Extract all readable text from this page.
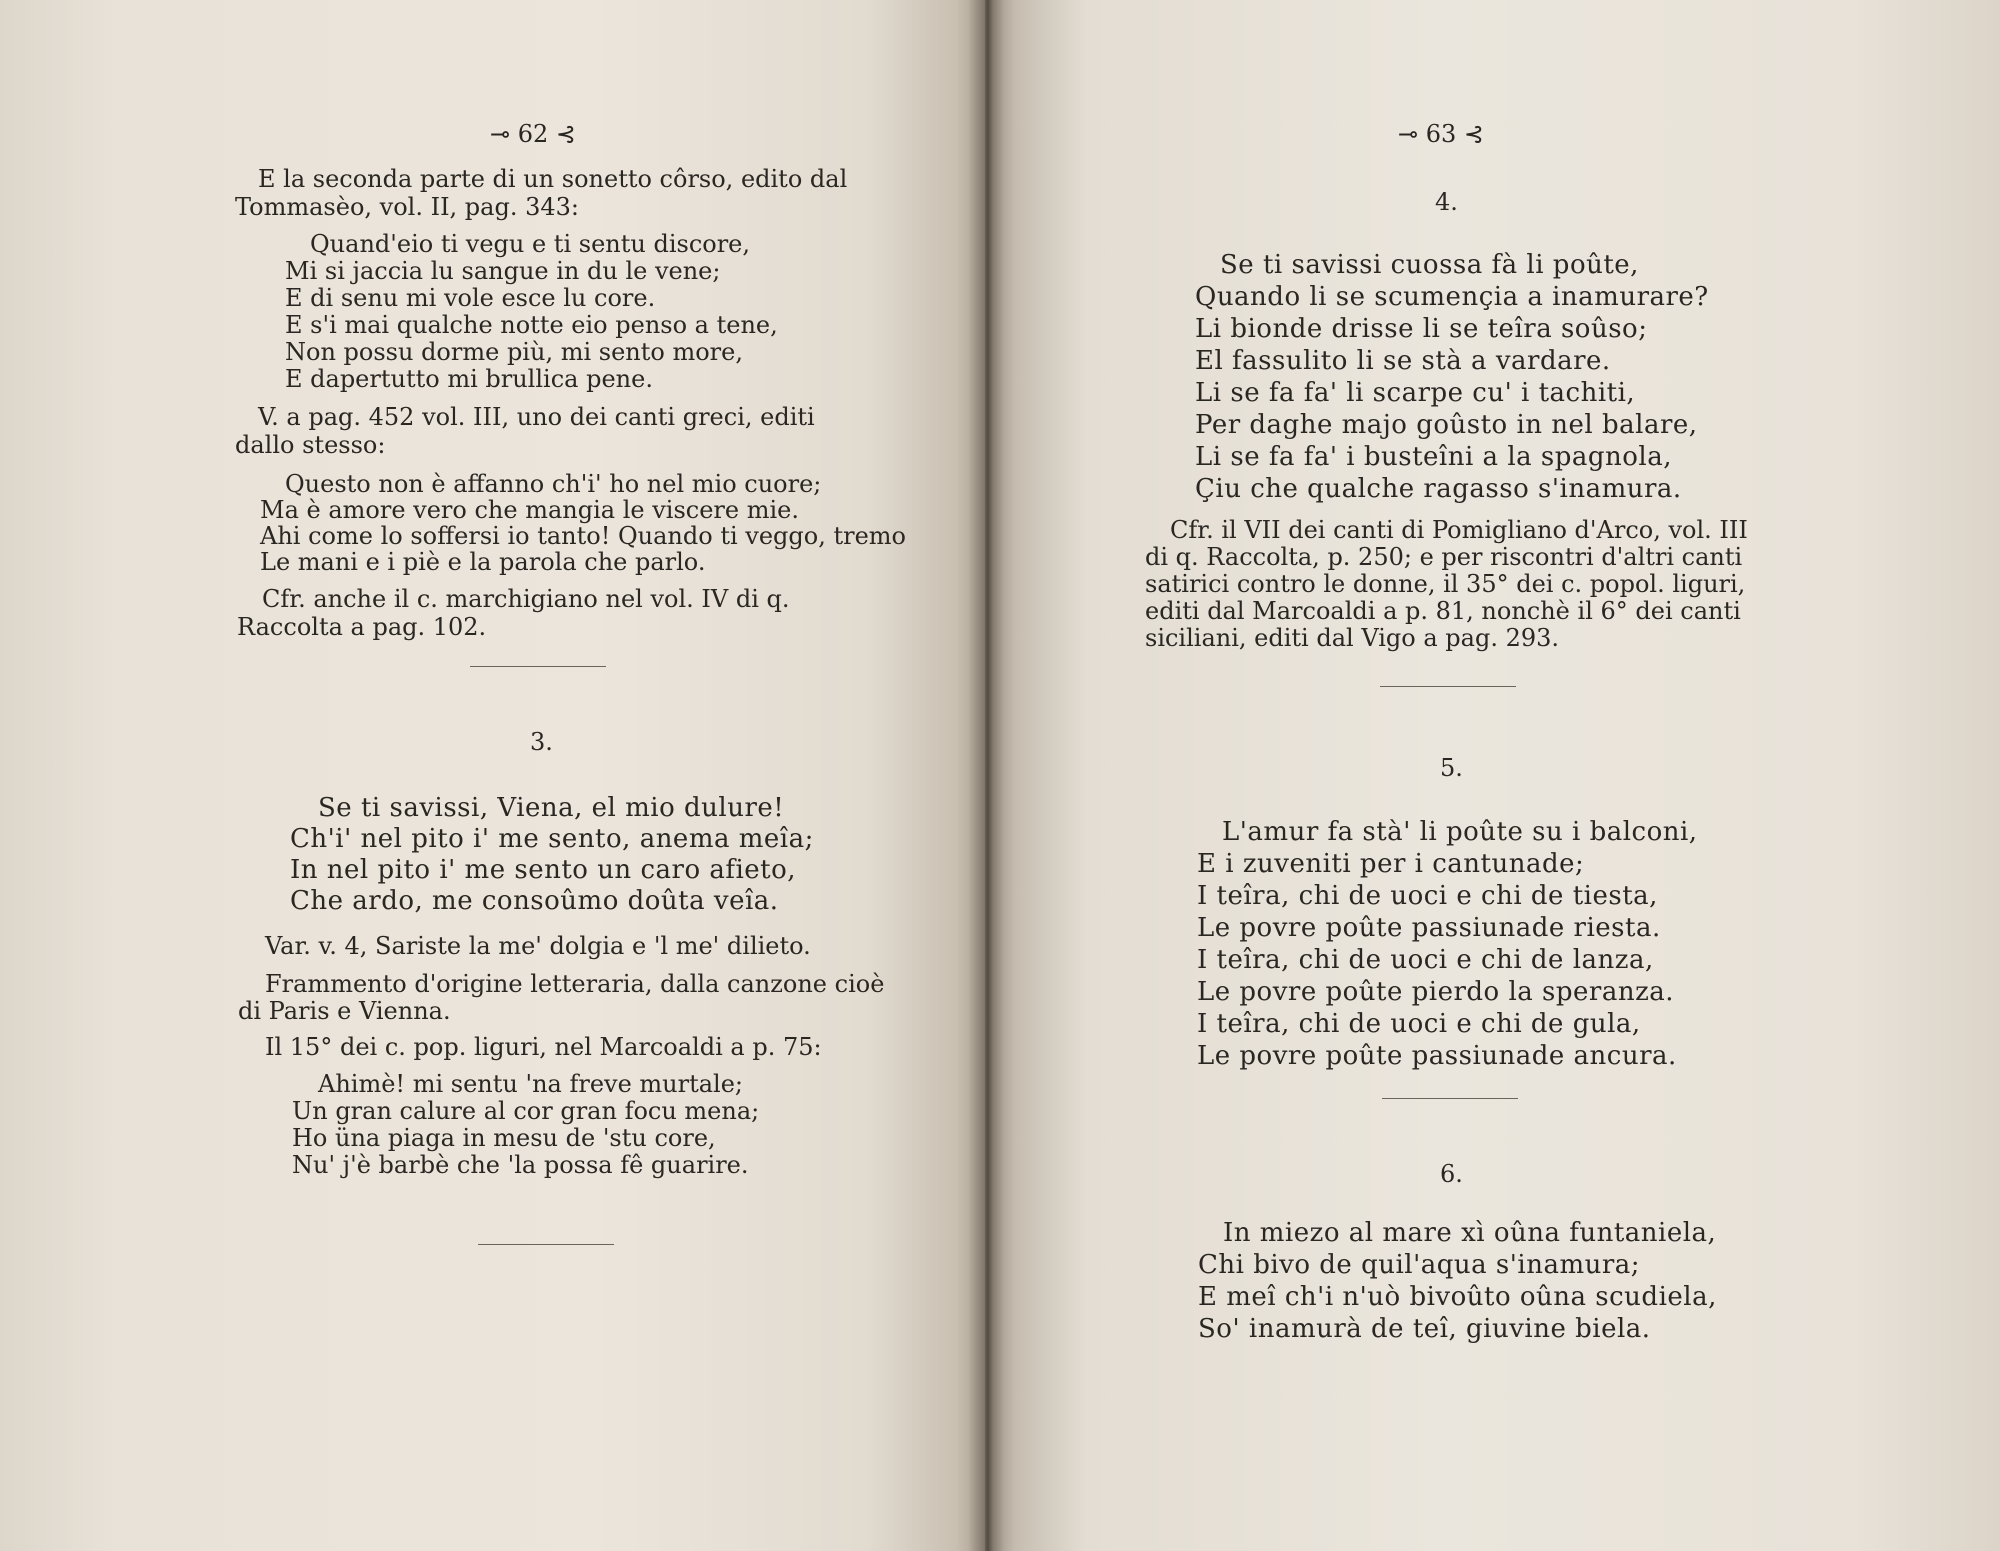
⊸ 62 ⊰
E la seconda parte di un sonetto côrso, edito dal
Tommasèo, vol. II, pag. 343:
Quand'eio ti vegu e ti sentu discore,
Mi si jaccia lu sangue in du le vene;
E di senu mi vole esce lu core.
E s'i mai qualche notte eio penso a tene,
Non possu dorme più, mi sento more,
E dapertutto mi brullica pene.
V. a pag. 452 vol. III, uno dei canti greci, editi
dallo stesso:
Questo non è affanno ch'i' ho nel mio cuore;
Ma è amore vero che mangia le viscere mie.
Ahi come lo soffersi io tanto! Quando ti veggo, tremo
Le mani e i piè e la parola che parlo.
Cfr. anche il c. marchigiano nel vol. IV di q.
Raccolta a pag. 102.
3.
Se ti savissi, Viena, el mio dulure!
Ch'i' nel pito i' me sento, anema meîa;
In nel pito i' me sento un caro afieto,
Che ardo, me consoûmo doûta veîa.
Var. v. 4, Sariste la me' dolgia e 'l me' dilieto.
Frammento d'origine letteraria, dalla canzone cioè
di Paris e Vienna.
Il 15° dei c. pop. liguri, nel Marcoaldi a p. 75:
Ahimè! mi sentu 'na freve murtale;
Un gran calure al cor gran focu mena;
Ho üna piaga in mesu de 'stu core,
Nu' j'è barbè che 'la possa fê guarire.
⊸ 63 ⊰
4.
Se ti savissi cuossa fà li poûte,
Quando li se scumençia a inamurare?
Li bionde drisse li se teîra soûso;
El fassulito li se stà a vardare.
Li se fa fa' li scarpe cu' i tachiti,
Per daghe majo goûsto in nel balare,
Li se fa fa' i busteîni a la spagnola,
Çiu che qualche ragasso s'inamura.
Cfr. il VII dei canti di Pomigliano d'Arco, vol. III
di q. Raccolta, p. 250; e per riscontri d'altri canti
satirici contro le donne, il 35° dei c. popol. liguri,
editi dal Marcoaldi a p. 81, nonchè il 6° dei canti
siciliani, editi dal Vigo a pag. 293.
5.
L'amur fa stà' li poûte su i balconi,
E i zuveniti per i cantunade;
I teîra, chi de uoci e chi de tiesta,
Le povre poûte passiunade riesta.
I teîra, chi de uoci e chi de lanza,
Le povre poûte pierdo la speranza.
I teîra, chi de uoci e chi de gula,
Le povre poûte passiunade ancura.
6.
In miezo al mare xì oûna funtaniela,
Chi bivo de quil'aqua s'inamura;
E meî ch'i n'uò bivoûto oûna scudiela,
So' inamurà de teî, giuvine biela.
